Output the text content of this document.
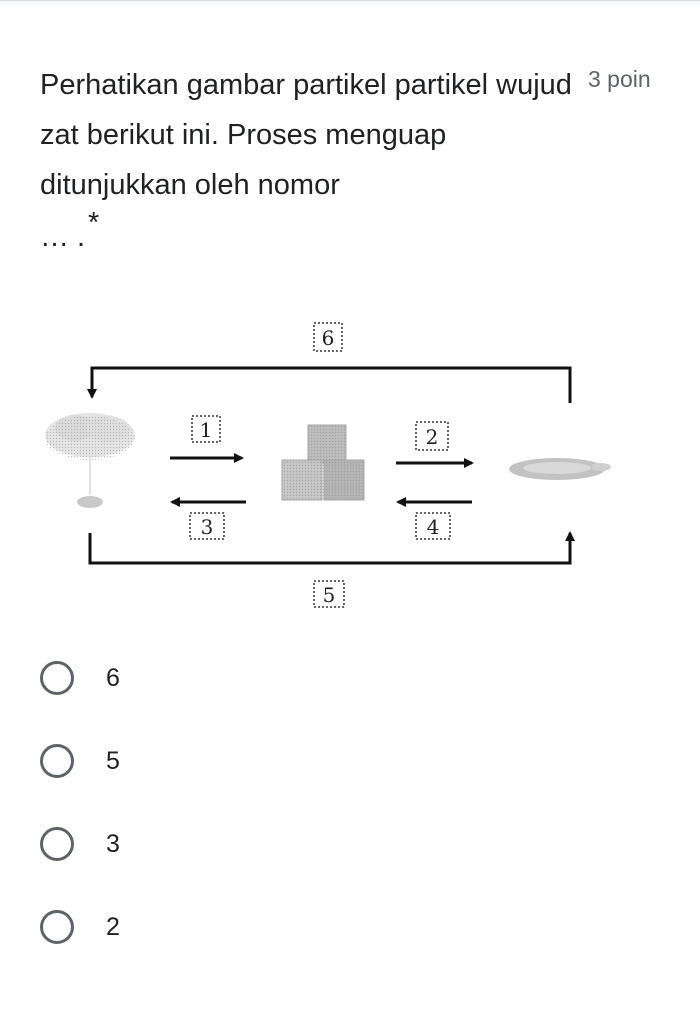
Perhatikan gambar partikel partikel wujud zat berikut ini. Proses menguap ditunjukkan oleh nomor
3 poin
… . *
6
1	2
3	4
5
6
5
3
2
